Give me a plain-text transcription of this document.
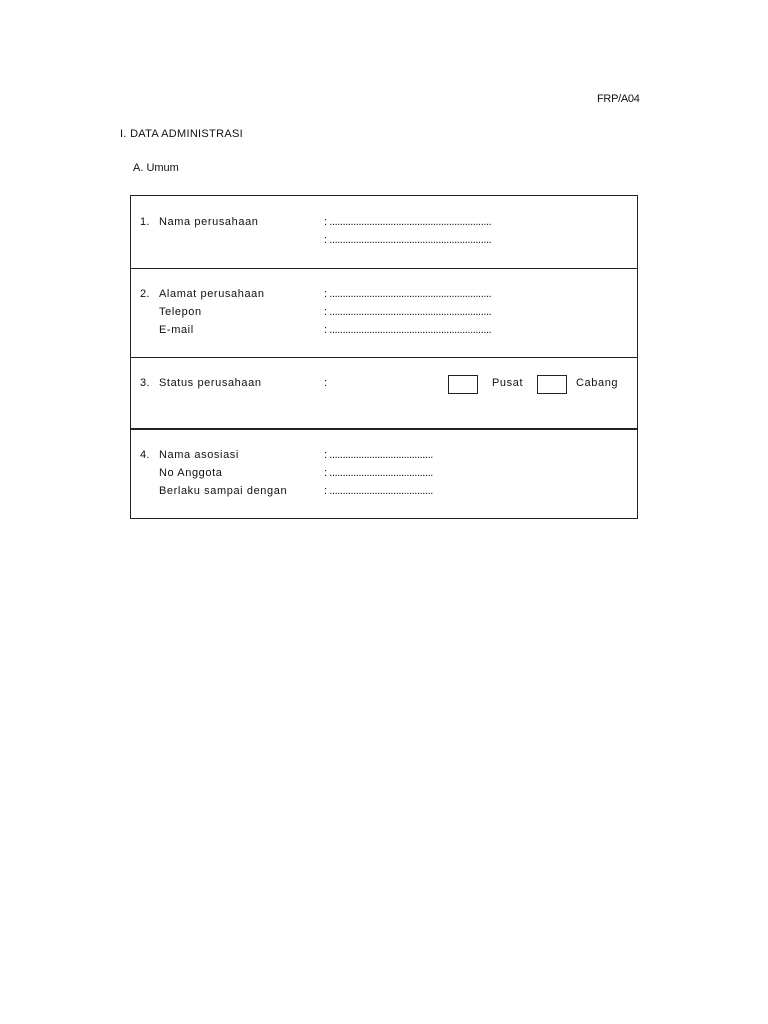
FRP/A04
I. DATA ADMINISTRASI
A. Umum
1. Nama perusahaan	: .............................................................
: .............................................................
2. Alamat perusahaan	: .............................................................
Telepon	: .............................................................
E-mail	: .............................................................
3. Status perusahaan	:	Pusat	Cabang
4. Nama asosiasi	: .......................................
No Anggota	: .......................................
Berlaku sampai dengan	: .......................................
